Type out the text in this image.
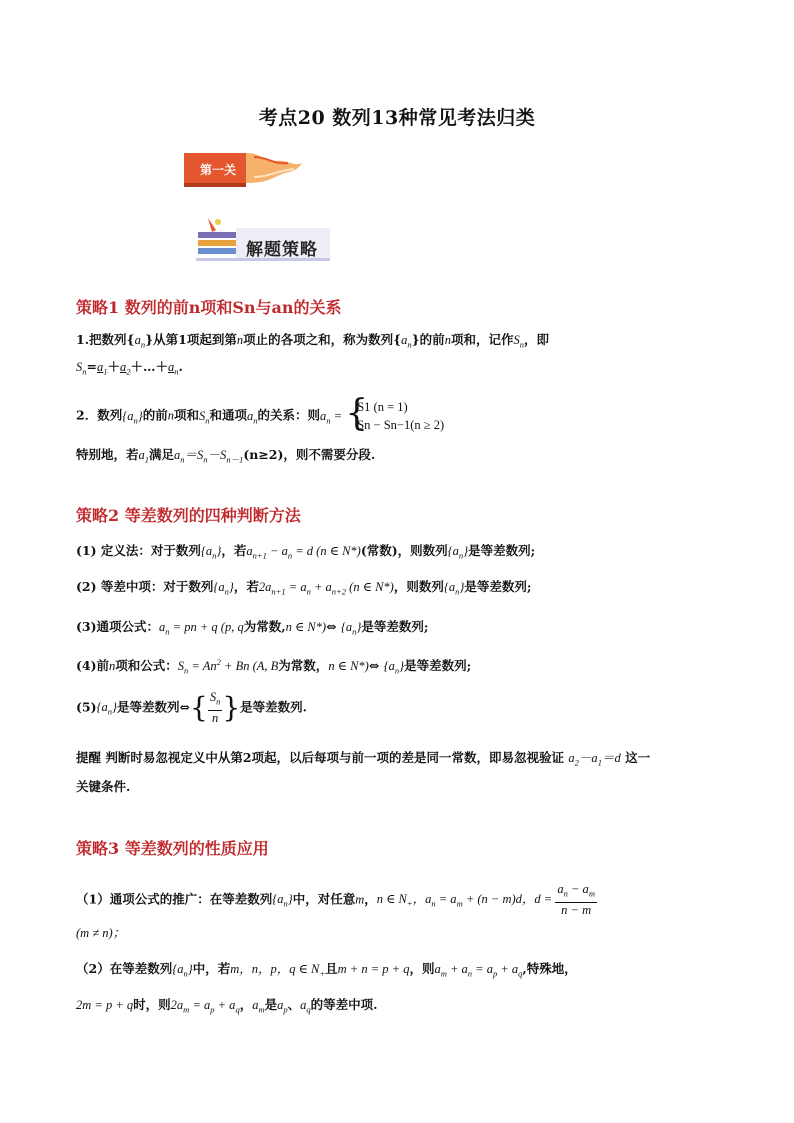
考点20 数列13种常见考法归类
第一关
解题策略
策略1 数列的前n项和Sn与an的关系
1.把数列$\{a_n\}$从第1项起到第n项止的各项之和，称为数列$\{a_n\}$的前n项和，记作$S_n$，即
$S_n=a_1+a_2+\dots+a_n$.
2．数列$\{a_n\}$的前n项和$S_n$和通项$a_n$的关系：则$a_n$ = {
S1 (n = 1)
Sn − Sn−1(n ≥ 2)
特别地，若$a_1$满足$a_n=S_n-S_{n-1}(n\ge 2)$，则不需要分段.
策略2 等差数列的四种判断方法
(1) 定义法：对于数列$\{a_n\}$，若$a_{n+1} - a_n = d$ (n ∈ N*)(常数)，则数列$\{a_n\}$是等差数列;
(2) 等差中项：对于数列$\{a_n\}$，若$2a_{n+1} = a_n + a_{n+2}$ (n ∈ N*)，则数列$\{a_n\}$是等差数列;
(3)通项公式：$a_n$ = pn + q (p, q为常数,n ∈ N*)⇔ $\{a_n\}$是等差数列;
(4)前n项和公式：$S_n = An^2 + Bn$ (A, B为常数，n ∈ N*)⇔ $\{a_n\}$是等差数列;
$(5)\{a_n\}$是等差数列⇔{ $\frac{S_n}{n}$ }是等差数列.
提醒 判断时易忽视定义中从第2项起，以后每项与前一项的差是同一常数，即易忽视验证 $a_2-a_1=d$ 这一
关键条件.
策略3 等差数列的性质应用
（1）通项公式的推广：在等差数列$\{a_n\}$中，对任意m，n ∈ $N_+$，$a_n = a_m + (n - m)d$，$d = \frac{a_n - a_m}{n - m}$
(m ≠ n)；
（2）在等差数列$\{a_n\}$中，若m，n，p，q ∈ $N_+$且m + n = p + q，则$a_m + a_n = a_p + a_q$,特殊地，
2m = p + q时，则$2a_m = a_p + a_q$，$a_m$是$a_p$、$a_q$的等差中项.
